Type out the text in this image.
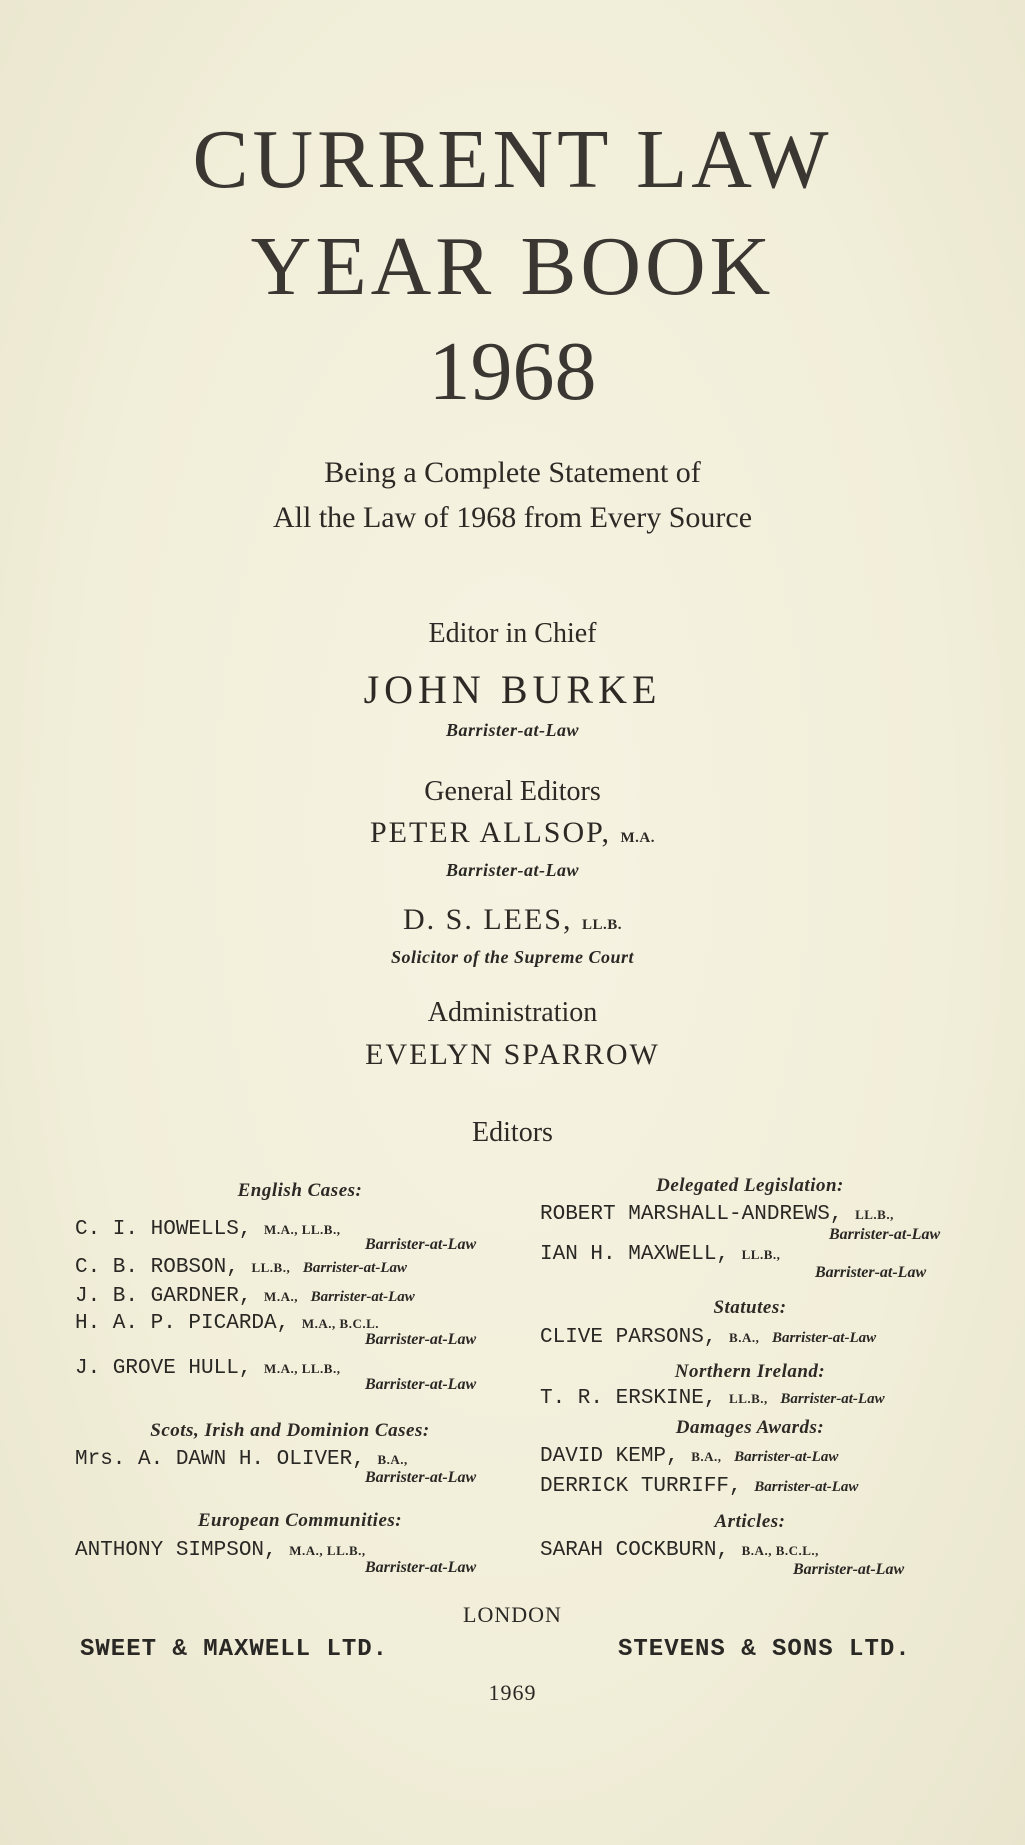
CURRENT LAW
YEAR BOOK
1968
Being a Complete Statement of
All the Law of 1968 from Every Source
Editor in Chief
JOHN BURKE
Barrister-at-Law
General Editors
PETER ALLSOP, M.A.
Barrister-at-Law
D. S. LEES, LL.B.
Solicitor of the Supreme Court
Administration
EVELYN SPARROW
Editors
English Cases:
C. I. HOWELLS, M.A., LL.B.,
Barrister-at-Law
C. B. ROBSON, LL.B., Barrister-at-Law
J. B. GARDNER, M.A., Barrister-at-Law
H. A. P. PICARDA, M.A., B.C.L.
Barrister-at-Law
J. GROVE HULL, M.A., LL.B.,
Barrister-at-Law
Scots, Irish and Dominion Cases:
Mrs. A. DAWN H. OLIVER, B.A.,
Barrister-at-Law
European Communities:
ANTHONY SIMPSON, M.A., LL.B.,
Barrister-at-Law
Delegated Legislation:
ROBERT MARSHALL-ANDREWS, LL.B.,
Barrister-at-Law
IAN H. MAXWELL, LL.B.,
Barrister-at-Law
Statutes:
CLIVE PARSONS, B.A., Barrister-at-Law
Northern Ireland:
T. R. ERSKINE, LL.B., Barrister-at-Law
Damages Awards:
DAVID KEMP, B.A., Barrister-at-Law
DERRICK TURRIFF, Barrister-at-Law
Articles:
SARAH COCKBURN, B.A., B.C.L.,
Barrister-at-Law
LONDON
SWEET & MAXWELL LTD.	STEVENS & SONS LTD.
1969
